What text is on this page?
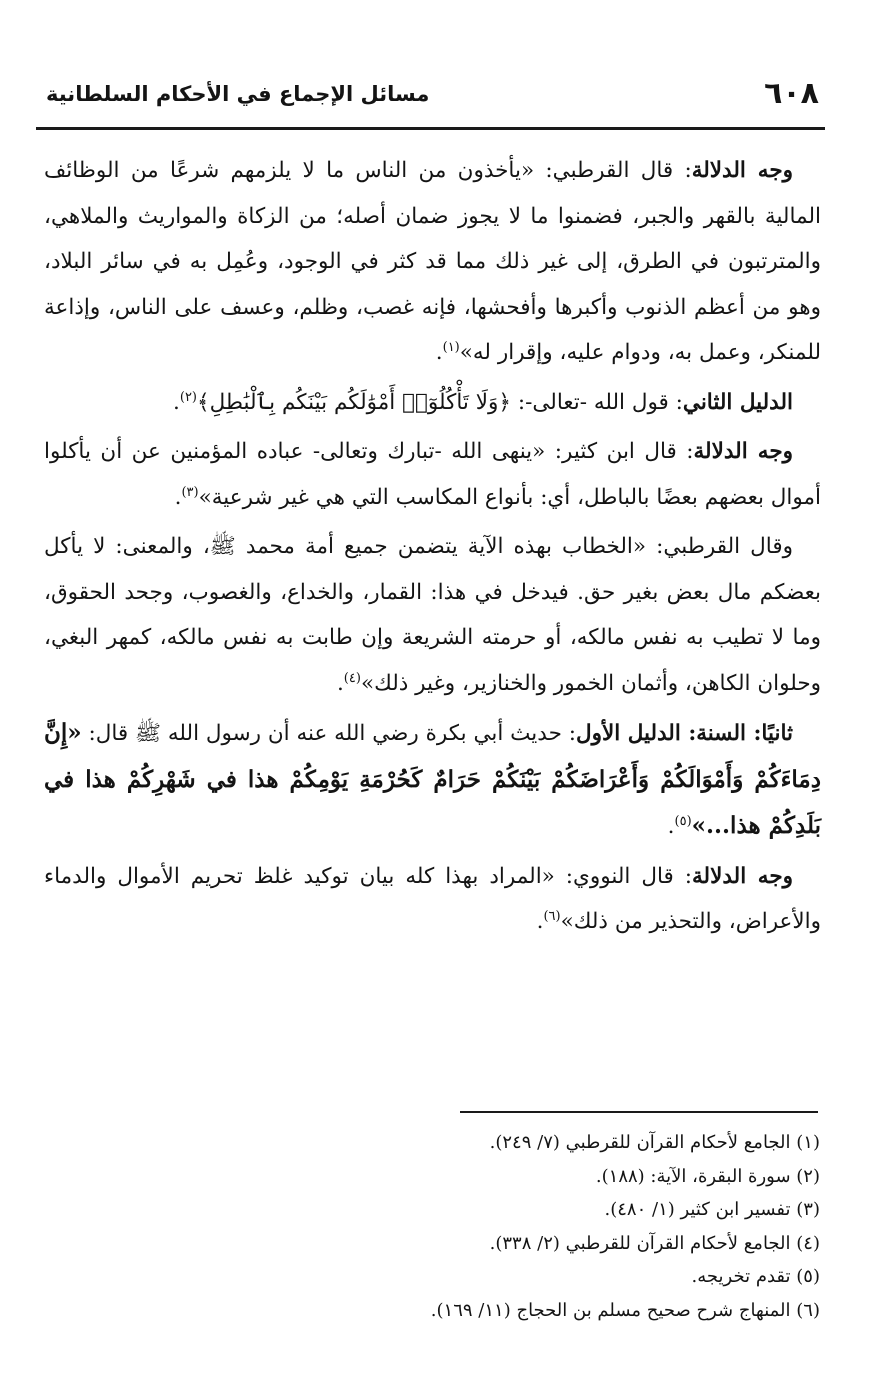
٦٠٨
مسائل الإجماع في الأحكام السلطانية

وجه الدلالة: قال القرطبي: «يأخذون من الناس ما لا يلزمهم شرعًا من الوظائف المالية بالقهر والجبر، فضمنوا ما لا يجوز ضمان أصله؛ من الزكاة والمواريث والملاهي، والمترتبون في الطرق، إلى غير ذلك مما قد كثر في الوجود، وعُمِل به في سائر البلاد، وهو من أعظم الذنوب وأكبرها وأفحشها، فإنه غصب، وظلم، وعسف على الناس، وإذاعة للمنكر، وعمل به، ودوام عليه، وإقرار له»$^{(١)}$.

الدليل الثاني: قول الله -تعالى-: ﴿وَلَا تَأْكُلُوٓا۟ أَمْوَٰلَكُم بَيْنَكُم بِٱلْبَٰطِلِ﴾$^{(٢)}$.

وجه الدلالة: قال ابن كثير: «ينهى الله -تبارك وتعالى- عباده المؤمنين عن أن يأكلوا أموال بعضهم بعضًا بالباطل، أي: بأنواع المكاسب التي هي غير شرعية»$^{(٣)}$.

وقال القرطبي: «الخطاب بهذه الآية يتضمن جميع أمة محمد ﷺ، والمعنى: لا يأكل بعضكم مال بعض بغير حق. فيدخل في هذا: القمار، والخداع، والغصوب، وجحد الحقوق، وما لا تطيب به نفس مالكه، أو حرمته الشريعة وإن طابت به نفس مالكه، كمهر البغي، وحلوان الكاهن، وأثمان الخمور والخنازير، وغير ذلك»$^{(٤)}$.

ثانيًا: السنة: الدليل الأول: حديث أبي بكرة رضي الله عنه أن رسول الله ﷺ قال: «إِنَّ دِمَاءَكُمْ وَأَمْوَالَكُمْ وَأَعْرَاضَكُمْ بَيْنَكُمْ حَرَامٌ كَحُرْمَةِ يَوْمِكُمْ هذا في شَهْرِكُمْ هذا في بَلَدِكُمْ هذا...»$^{(٥)}$.

وجه الدلالة: قال النووي: «المراد بهذا كله بيان توكيد غلظ تحريم الأموال والدماء والأعراض، والتحذير من ذلك»$^{(٦)}$.

(١) الجامع لأحكام القرآن للقرطبي (٧/ ٢٤٩).
(٢) سورة البقرة، الآية: (١٨٨).
(٣) تفسير ابن كثير (١/ ٤٨٠).
(٤) الجامع لأحكام القرآن للقرطبي (٢/ ٣٣٨).
(٥) تقدم تخريجه.
(٦) المنهاج شرح صحيح مسلم بن الحجاج (١١/ ١٦٩).
